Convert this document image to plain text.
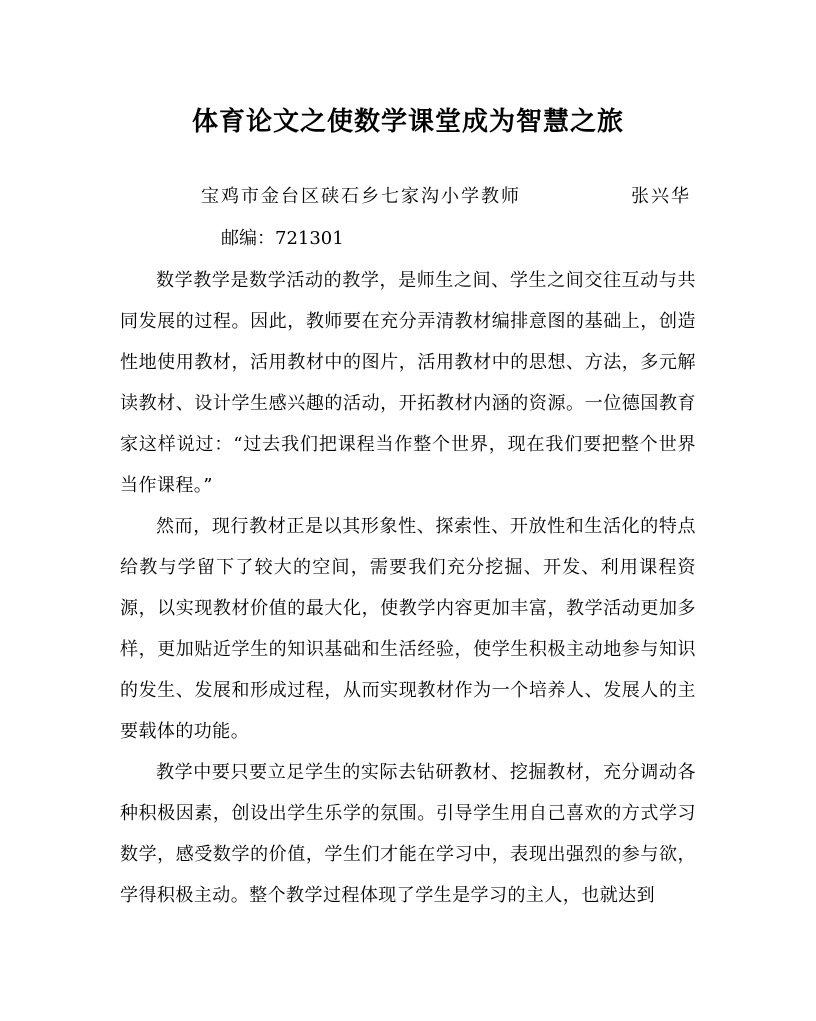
体育论文之使数学课堂成为智慧之旅
宝鸡市金台区硖石乡七家沟小学教师	张兴华
邮编：721301

数学教学是数学活动的教学，是师生之间、学生之间交往互动与共同发展的过程。因此，教师要在充分弄清教材编排意图的基础上，创造性地使用教材，活用教材中的图片，活用教材中的思想、方法，多元解读教材、设计学生感兴趣的活动，开拓教材内涵的资源。一位德国教育家这样说过：“过去我们把课程当作整个世界，现在我们要把整个世界当作课程。”

然而，现行教材正是以其形象性、探索性、开放性和生活化的特点给教与学留下了较大的空间，需要我们充分挖掘、开发、利用课程资源，以实现教材价值的最大化，使教学内容更加丰富，教学活动更加多样，更加贴近学生的知识基础和生活经验，使学生积极主动地参与知识的发生、发展和形成过程，从而实现教材作为一个培养人、发展人的主要载体的功能。

教学中要只要立足学生的实际去钻研教材、挖掘教材，充分调动各种积极因素，创设出学生乐学的氛围。引导学生用自己喜欢的方式学习数学，感受数学的价值，学生们才能在学习中，表现出强烈的参与欲，学得积极主动。整个教学过程体现了学生是学习的主人，也就达到
